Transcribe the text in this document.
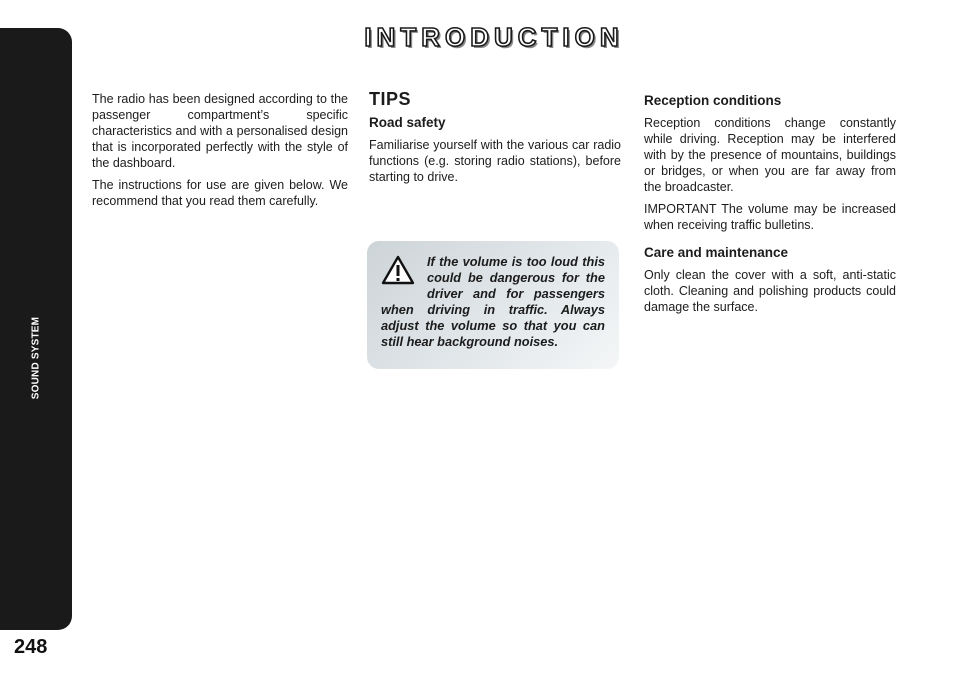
SOUND SYSTEM
248
INTRODUCTION

The radio has been designed according to the passenger compartment’s specific characteristics and with a personalised design that is incorporated perfectly with the style of the dashboard.

The instructions for use are given below. We recommend that you read them carefully.

TIPS
Road safety

Familiarise yourself with the various car radio functions (e.g. storing radio stations), before starting to drive.

If the volume is too loud this could be dangerous for the driver and for passengers when driving in traffic. Always adjust the volume so that you can still hear background noises.

Reception conditions

Reception conditions change constantly while driving. Reception may be interfered with by the presence of mountains, buildings or bridges, or when you are far away from the broadcaster.

IMPORTANT The volume may be increased when receiving traffic bulletins.

Care and maintenance

Only clean the cover with a soft, anti-static cloth. Cleaning and polishing products could damage the surface.
